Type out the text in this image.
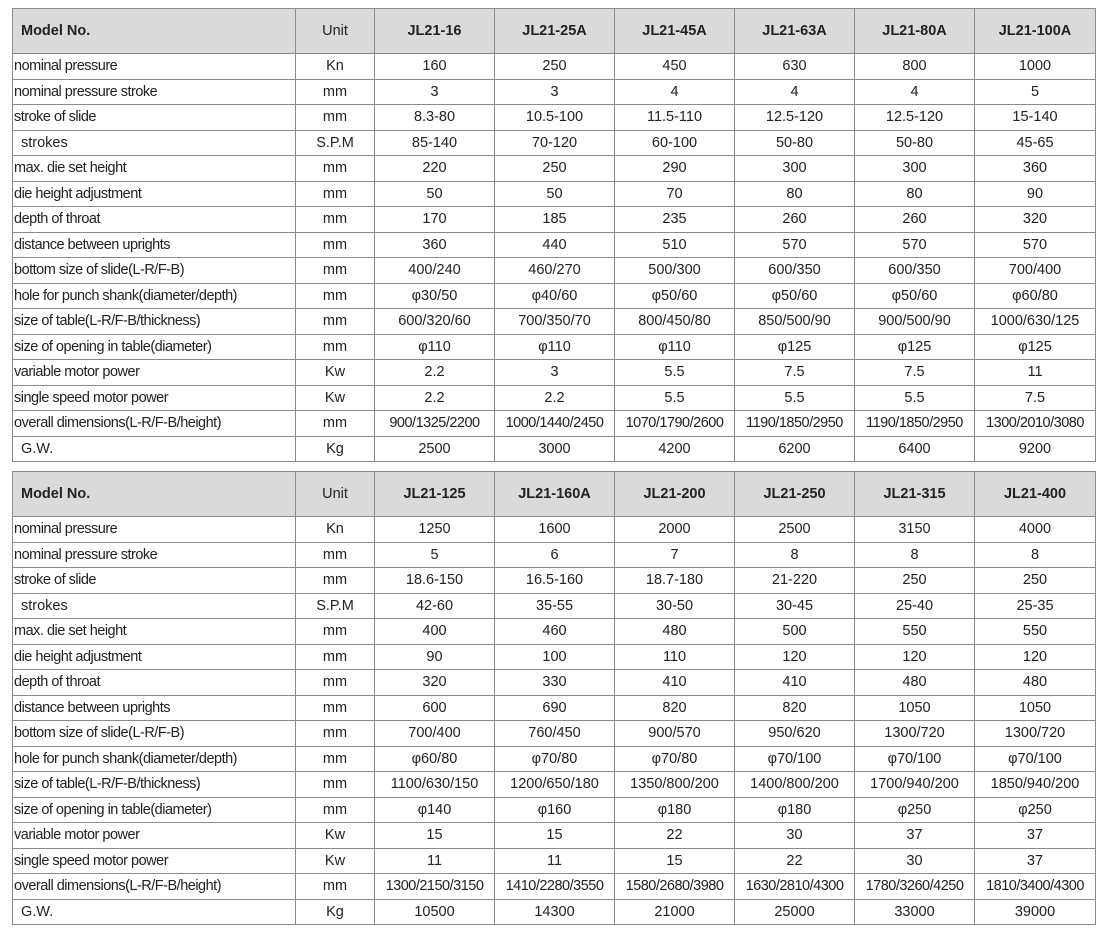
Model No.	Unit	JL21-16	JL21-25A	JL21-45A	JL21-63A	JL21-80A	JL21-100A
nominal pressure	Kn	160	250	450	630	800	1000
nominal pressure stroke	mm	3	3	4	4	4	5
stroke of slide	mm	8.3-80	10.5-100	11.5-110	12.5-120	12.5-120	15-140
strokes	S.P.M	85-140	70-120	60-100	50-80	50-80	45-65
max. die set height	mm	220	250	290	300	300	360
die height adjustment	mm	50	50	70	80	80	90
depth of throat	mm	170	185	235	260	260	320
distance between uprights	mm	360	440	510	570	570	570
bottom size of slide(L-R/F-B)	mm	400/240	460/270	500/300	600/350	600/350	700/400
hole for punch shank(diameter/depth)	mm	φ30/50	φ40/60	φ50/60	φ50/60	φ50/60	φ60/80
size of table(L-R/F-B/thickness)	mm	600/320/60	700/350/70	800/450/80	850/500/90	900/500/90	1000/630/125
size of opening in table(diameter)	mm	φ110	φ110	φ110	φ125	φ125	φ125
variable motor power	Kw	2.2	3	5.5	7.5	7.5	11
single speed motor power	Kw	2.2	2.2	5.5	5.5	5.5	7.5
overall dimensions(L-R/F-B/height)	mm	900/1325/2200	1000/1440/2450	1070/1790/2600	1190/1850/2950	1190/1850/2950	1300/2010/3080
G.W.	Kg	2500	3000	4200	6200	6400	9200
Model No.	Unit	JL21-125	JL21-160A	JL21-200	JL21-250	JL21-315	JL21-400
nominal pressure	Kn	1250	1600	2000	2500	3150	4000
nominal pressure stroke	mm	5	6	7	8	8	8
stroke of slide	mm	18.6-150	16.5-160	18.7-180	21-220	250	250
strokes	S.P.M	42-60	35-55	30-50	30-45	25-40	25-35
max. die set height	mm	400	460	480	500	550	550
die height adjustment	mm	90	100	110	120	120	120
depth of throat	mm	320	330	410	410	480	480
distance between uprights	mm	600	690	820	820	1050	1050
bottom size of slide(L-R/F-B)	mm	700/400	760/450	900/570	950/620	1300/720	1300/720
hole for punch shank(diameter/depth)	mm	φ60/80	φ70/80	φ70/80	φ70/100	φ70/100	φ70/100
size of table(L-R/F-B/thickness)	mm	1100/630/150	1200/650/180	1350/800/200	1400/800/200	1700/940/200	1850/940/200
size of opening in table(diameter)	mm	φ140	φ160	φ180	φ180	φ250	φ250
variable motor power	Kw	15	15	22	30	37	37
single speed motor power	Kw	11	11	15	22	30	37
overall dimensions(L-R/F-B/height)	mm	1300/2150/3150	1410/2280/3550	1580/2680/3980	1630/2810/4300	1780/3260/4250	1810/3400/4300
G.W.	Kg	10500	14300	21000	25000	33000	39000
